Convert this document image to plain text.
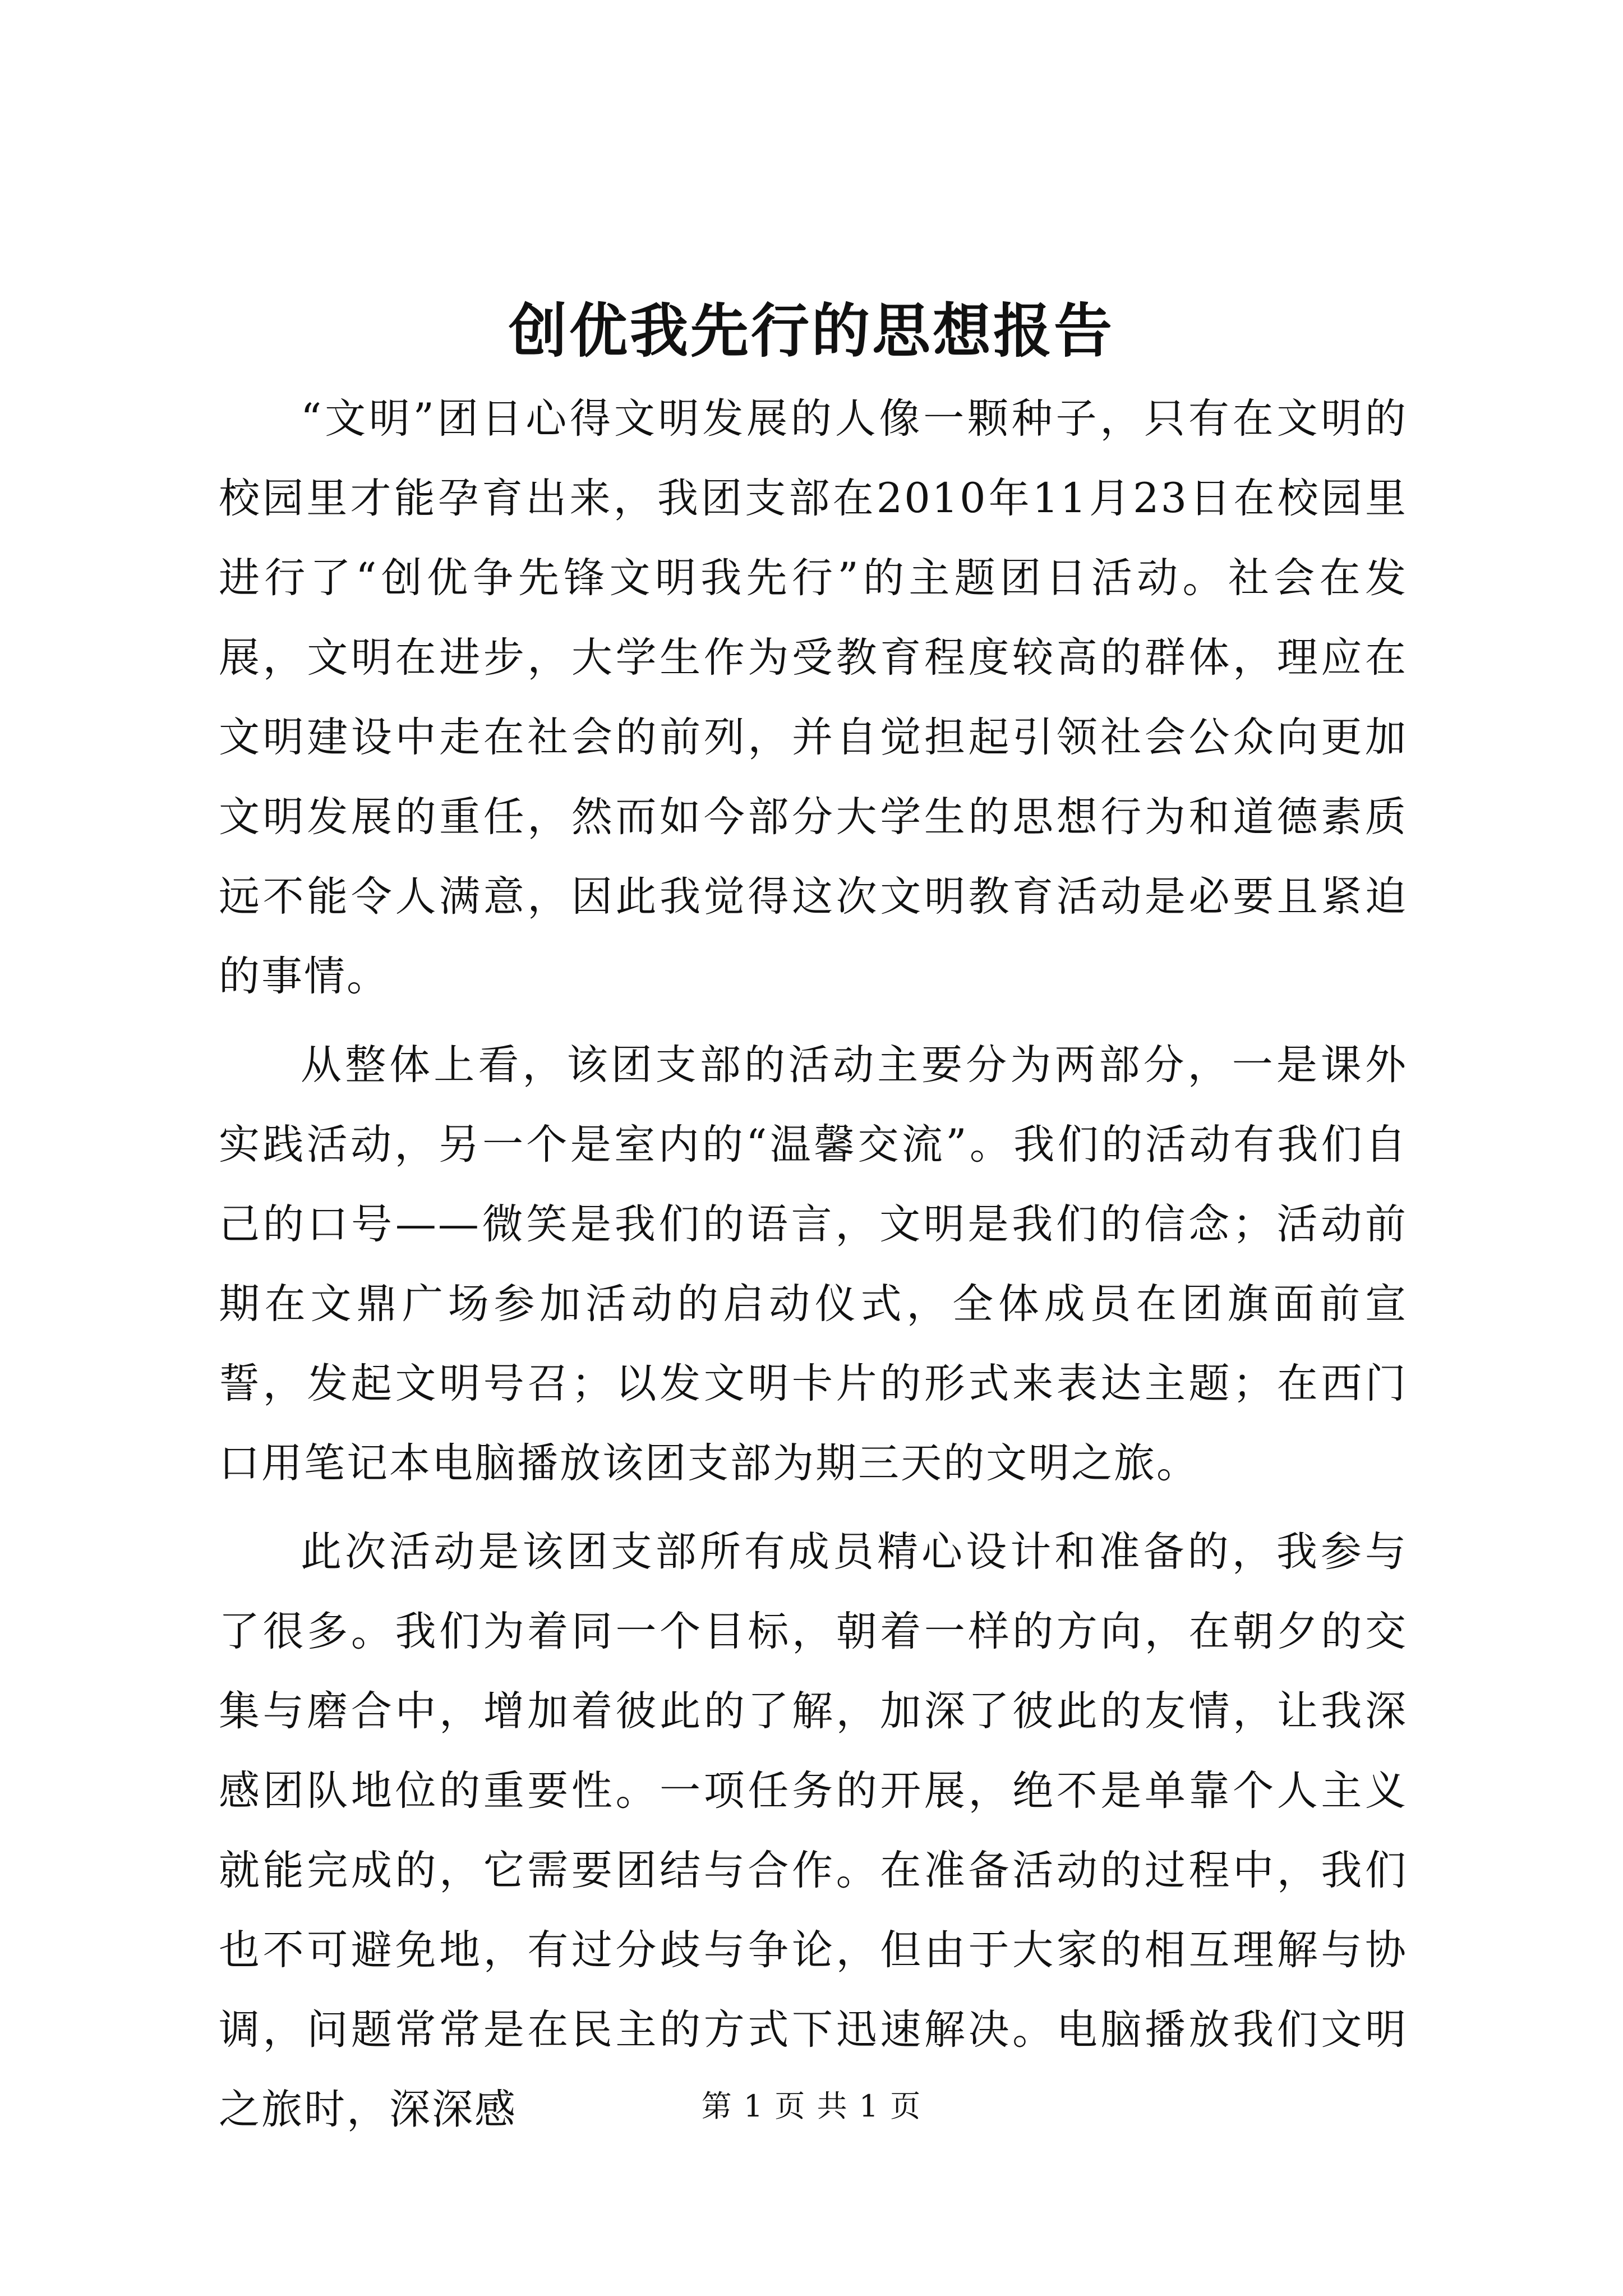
创优我先行的思想报告

“文明”团日心得文明发展的人像一颗种子，只有在文明的校园里才能孕育出来，我团支部在2010年11月23日在校园里进行了“创优争先锋文明我先行”的主题团日活动。社会在发展，文明在进步，大学生作为受教育程度较高的群体，理应在文明建设中走在社会的前列，并自觉担起引领社会公众向更加文明发展的重任，然而如今部分大学生的思想行为和道德素质远不能令人满意，因此我觉得这次文明教育活动是必要且紧迫的事情。

从整体上看，该团支部的活动主要分为两部分，一是课外实践活动，另一个是室内的“温馨交流”。我们的活动有我们自己的口号——微笑是我们的语言，文明是我们的信念；活动前期在文鼎广场参加活动的启动仪式，全体成员在团旗面前宣誓，发起文明号召；以发文明卡片的形式来表达主题；在西门口用笔记本电脑播放该团支部为期三天的文明之旅。

此次活动是该团支部所有成员精心设计和准备的，我参与了很多。我们为着同一个目标，朝着一样的方向，在朝夕的交集与磨合中，增加着彼此的了解，加深了彼此的友情，让我深感团队地位的重要性。一项任务的开展，绝不是单靠个人主义就能完成的，它需要团结与合作。在准备活动的过程中，我们也不可避免地，有过分歧与争论，但由于大家的相互理解与协调，问题常常是在民主的方式下迅速解决。电脑播放我们文明之旅时，深深感	第 1 页 共 1 页
